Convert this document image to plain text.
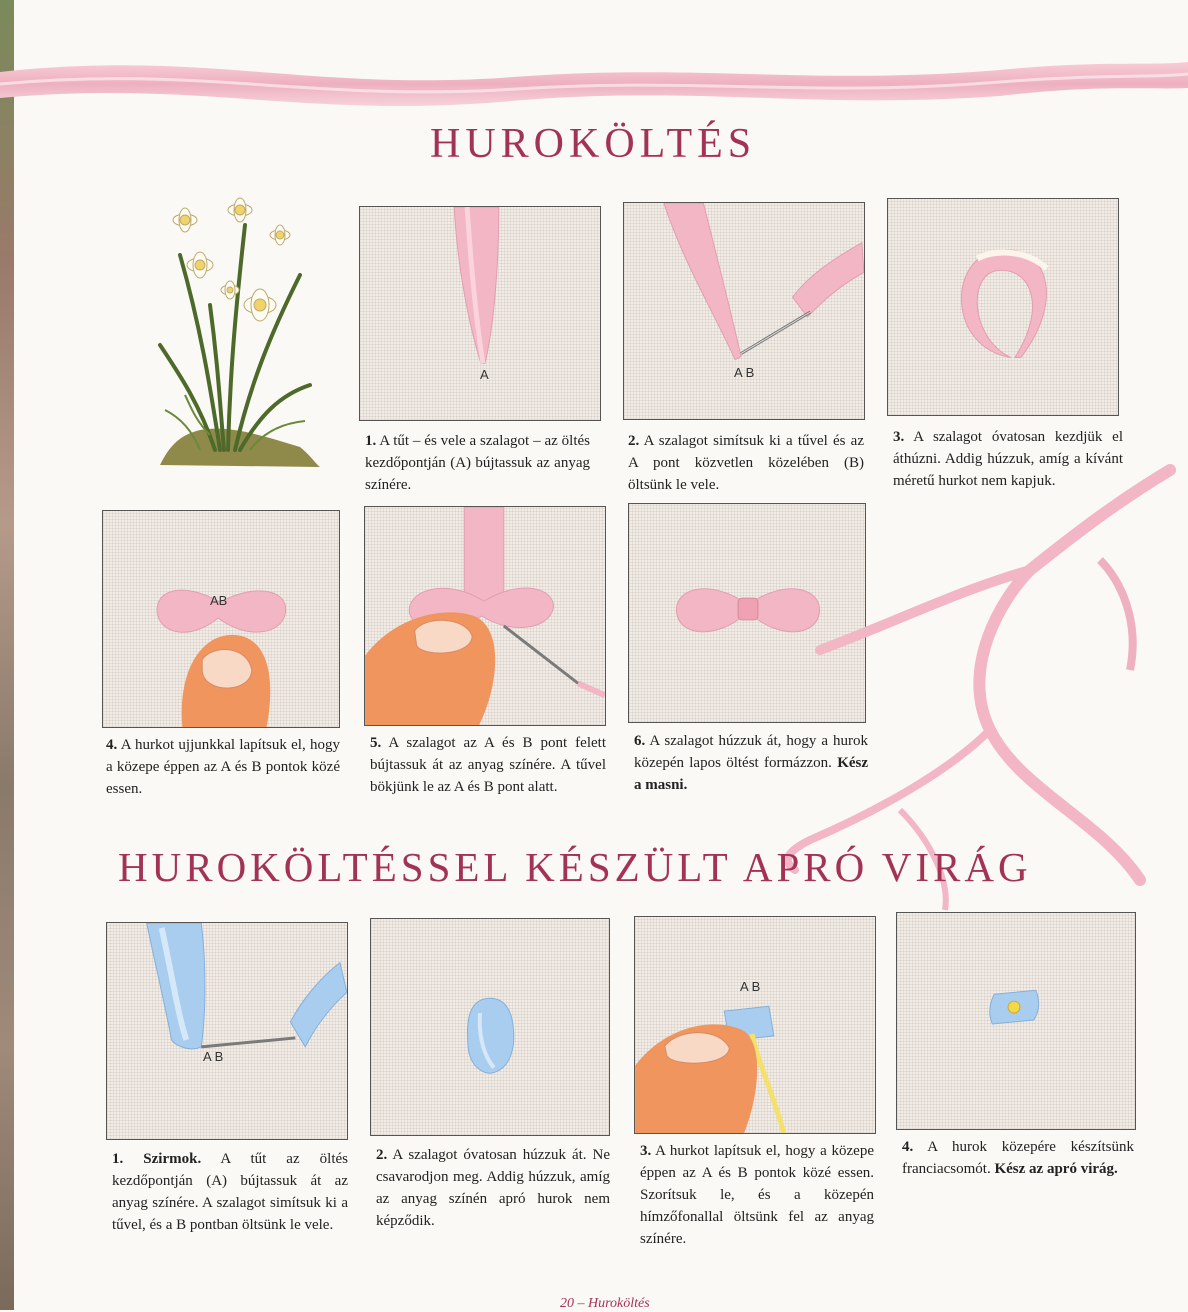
HUROKÖLTÉS
A

1. A tűt – és vele a szalagot – az öltés kezdőpontján (A) bújtassuk az anyag színére.

A B

2. A szalagot simítsuk ki a tűvel és az A pont közvetlen közelében (B) öltsünk le vele.

3. A szalagot óvatosan kezdjük el áthúzni. Addig húzzuk, amíg a kívánt méretű hurkot nem kapjuk.

AB

4. A hurkot ujjunkkal lapítsuk el, hogy a közepe éppen az A és B pontok közé essen.

5. A szalagot az A és B pont felett bújtassuk át az anyag színére. A tűvel bökjünk le az A és B pont alatt.

6. A szalagot húzzuk át, hogy a hurok közepén lapos öltést formázzon. Kész a masni.

HUROKÖLTÉSSEL KÉSZÜLT APRÓ VIRÁG
A B

1. Szirmok. A tűt az öltés kezdőpontján (A) bújtassuk át az anyag színére. A szalagot simítsuk ki a tűvel, és a B pontban öltsünk le vele.

2. A szalagot óvatosan húzzuk át. Ne csavarodjon meg. Addig húzzuk, amíg az anyag színén apró hurok nem képződik.

A B

3. A hurkot lapítsuk el, hogy a közepe éppen az A és B pontok közé essen. Szorítsuk le, és a közepén hímzőfonallal öltsünk fel az anyag színére.

4. A hurok közepére készítsünk franciacsomót. Kész az apró virág.

20 – Huroköltés
